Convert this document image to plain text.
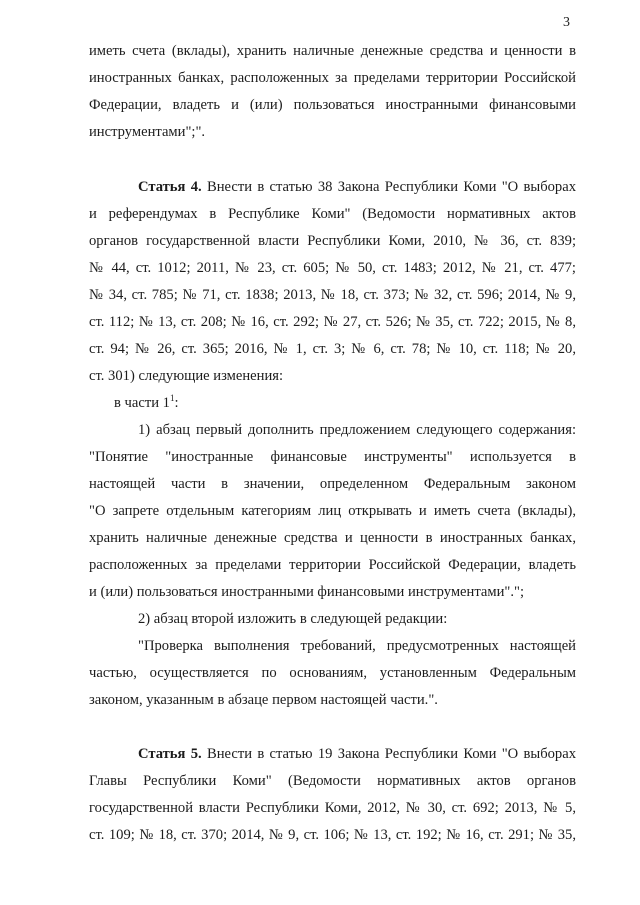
3
иметь счета (вклады), хранить наличные денежные средства и ценности в
иностранных банках, расположенных за пределами территории Российской
Федерации, владеть и (или) пользоваться иностранными финансовыми
инструментами";".
Статья 4. Внести в статью 38 Закона Республики Коми "О выборах
и референдумах в Республике Коми" (Ведомости нормативных актов
органов государственной власти Республики Коми, 2010, № 36, ст. 839;
№ 44, ст. 1012; 2011, № 23, ст. 605; № 50, ст. 1483; 2012, № 21, ст. 477;
№ 34, ст. 785; № 71, ст. 1838; 2013, № 18, ст. 373; № 32, ст. 596; 2014, № 9,
ст. 112; № 13, ст. 208; № 16, ст. 292; № 27, ст. 526; № 35, ст. 722; 2015, № 8,
ст. 94; № 26, ст. 365; 2016, № 1, ст. 3; № 6, ст. 78; № 10, ст. 118; № 20,
ст. 301) следующие изменения:
в части $1^1$:
1) абзац первый дополнить предложением следующего содержания:
"Понятие "иностранные финансовые инструменты" используется в
настоящей части в значении, определенном Федеральным законом
"О запрете отдельным категориям лиц открывать и иметь счета (вклады),
хранить наличные денежные средства и ценности в иностранных банках,
расположенных за пределами территории Российской Федерации, владеть
и (или) пользоваться иностранными финансовыми инструментами".";
2) абзац второй изложить в следующей редакции:
"Проверка выполнения требований, предусмотренных настоящей
частью, осуществляется по основаниям, установленным Федеральным
законом, указанным в абзаце первом настоящей части.".
Статья 5. Внести в статью 19 Закона Республики Коми "О выборах
Главы Республики Коми" (Ведомости нормативных актов органов
государственной власти Республики Коми, 2012, № 30, ст. 692; 2013, № 5,
ст. 109; № 18, ст. 370; 2014, № 9, ст. 106; № 13, ст. 192; № 16, ст. 291; № 35,
